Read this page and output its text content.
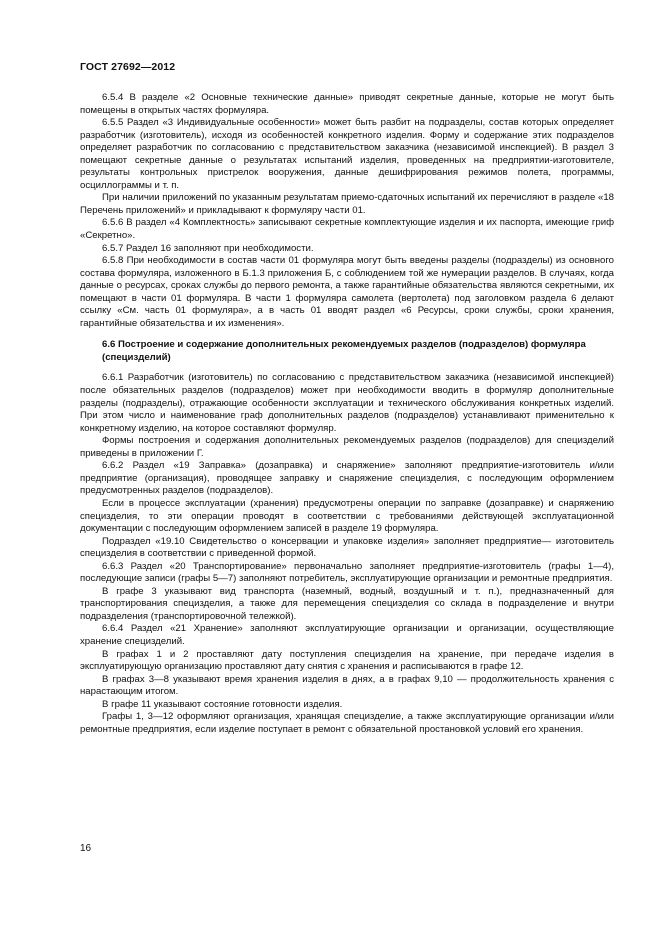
ГОСТ 27692—2012

6.5.4 В разделе «2 Основные технические данные» приводят секретные данные, которые не могут быть помещены в открытых частях формуляра.

6.5.5 Раздел «3 Индивидуальные особенности» может быть разбит на подразделы, состав которых определяет разработчик (изготовитель), исходя из особенностей конкретного изделия. Форму и содержание этих подразделов определяет разработчик по согласованию с представительством заказчика (независимой инспекцией). В раздел 3 помещают секретные данные о результатах испытаний изделия, проведенных на предприятии-изготовителе, результаты контрольных пристрелок вооружения, данные дешифрирования режимов полета, программы, осциллограммы и т. п.

При наличии приложений по указанным результатам приемо-сдаточных испытаний их перечисляют в разделе «18 Перечень приложений» и прикладывают к формуляру части 01.

6.5.6 В раздел «4 Комплектность» записывают секретные комплектующие изделия и их паспорта, имеющие гриф «Секретно».

6.5.7 Раздел 16 заполняют при необходимости.

6.5.8 При необходимости в состав части 01 формуляра могут быть введены разделы (подразделы) из основного состава формуляра, изложенного в Б.1.3 приложения Б, с соблюдением той же нумерации разделов. В случаях, когда данные о ресурсах, сроках службы до первого ремонта, а также гарантийные обязательства являются секретными, их помещают в части 01 формуляра. В части 1 формуляра самолета (вертолета) под заголовком раздела 6 делают ссылку «См. часть 01 формуляра», а в часть 01 вводят раздел «6 Ресурсы, сроки службы, сроки хранения, гарантийные обязательства и их изменения».

6.6 Построение и содержание дополнительных рекомендуемых разделов (подразделов) формуляра (специзделий)

6.6.1 Разработчик (изготовитель) по согласованию с представительством заказчика (независимой инспекцией) после обязательных разделов (подразделов) может при необходимости вводить в формуляр дополнительные разделы (подразделы), отражающие особенности эксплуатации и технического обслуживания конкретных изделий. При этом число и наименование граф дополнительных разделов (подразделов) устанавливают применительно к конкретному изделию, на которое составляют формуляр.

Формы построения и содержания дополнительных рекомендуемых разделов (подразделов) для специзделий приведены в приложении Г.

6.6.2 Раздел «19 Заправка» (дозаправка) и снаряжение» заполняют предприятие-изготовитель и/или предприятие (организация), проводящее заправку и снаряжение специзделия, с последующим оформлением предусмотренных разделов (подразделов).

Если в процессе эксплуатации (хранения) предусмотрены операции по заправке (дозаправке) и снаряжению специзделия, то эти операции проводят в соответствии с требованиями действующей эксплуатационной документации с последующим оформлением записей в разделе 19 формуляра.

Подраздел «19.10 Свидетельство о консервации и упаковке изделия» заполняет предприятие— изготовитель специзделия в соответствии с приведенной формой.

6.6.3 Раздел «20 Транспортирование» первоначально заполняет предприятие-изготовитель (графы 1—4), последующие записи (графы 5—7) заполняют потребитель, эксплуатирующие организации и ремонтные предприятия.

В графе 3 указывают вид транспорта (наземный, водный, воздушный и т. п.), предназначенный для транспортирования специзделия, а также для перемещения специзделия со склада в подразделение и внутри подразделения (транспортировочной тележкой).

6.6.4 Раздел «21 Хранение» заполняют эксплуатирующие организации и организации, осуществляющие хранение специзделий.

В графах 1 и 2 проставляют дату поступления специзделия на хранение, при передаче изделия в эксплуатирующую организацию проставляют дату снятия с хранения и расписываются в графе 12.

В графах 3—8 указывают время хранения изделия в днях, а в графах 9,10 — продолжительность хранения с нарастающим итогом.

В графе 11 указывают состояние готовности изделия.

Графы 1, 3—12 оформляют организация, хранящая специзделие, а также эксплуатирующие организации и/или ремонтные предприятия, если изделие поступает в ремонт с обязательной простановкой условий его хранения.

16
